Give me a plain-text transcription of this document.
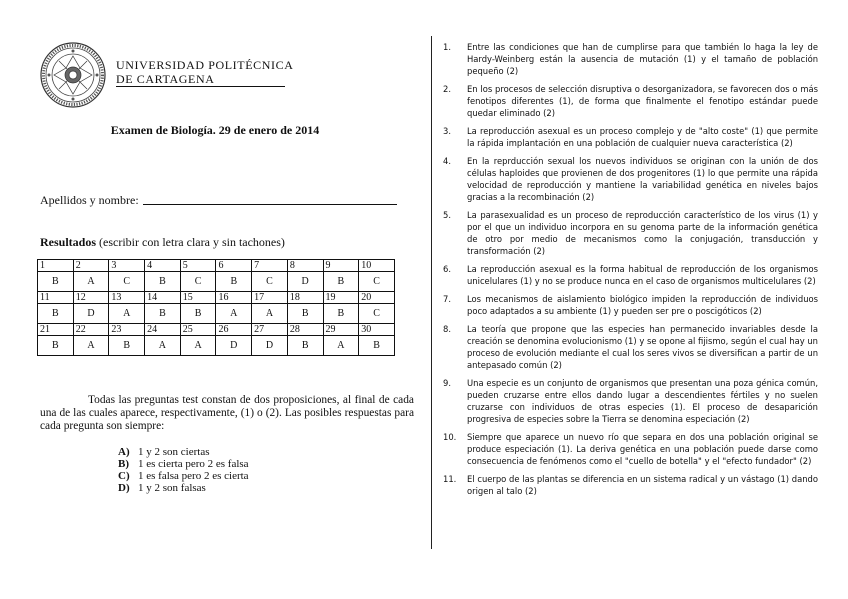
UNIVERSIDAD POLITÉCNICA
DE CARTAGENA
Examen de Biología. 29 de enero de 2014
Apellidos y nombre:
Resultados (escribir con letra clara y sin tachones)
1	2	3	4	5	6	7	8	9	10
B	A	C	B	C	B	C	D	B	C
11	12	13	14	15	16	17	18	19	20
B	D	A	B	B	A	A	B	B	C
21	22	23	24	25	26	27	28	29	30
B	A	B	A	A	D	D	B	A	B
Todas las preguntas test constan de dos proposiciones, al final de cada una de las cuales aparece, respectivamente, (1) o (2). Las posibles respuestas para cada pregunta son siempre:
A) 1 y 2 son ciertas
B) 1 es cierta pero 2 es falsa
C) 1 es falsa pero 2 es cierta
D) 1 y 2 son falsas
1. Entre las condiciones que han de cumplirse para que también lo haga la ley de Hardy-Weinberg están la ausencia de mutación (1) y el tamaño de población pequeño (2)
2. En los procesos de selección disruptiva o desorganizadora, se favorecen dos o más fenotipos diferentes (1), de forma que finalmente el fenotipo estándar puede quedar eliminado (2)
3. La reproducción asexual es un proceso complejo y de "alto coste" (1) que permite la rápida implantación en una población de cualquier nueva característica (2)
4. En la reprducción sexual los nuevos individuos se originan con la unión de dos células haploides que provienen de dos progenitores (1) lo que permite una rápida velocidad de reproducción y mantiene la variabilidad genética en niveles bajos gracias a la recombinación (2)
5. La parasexualidad es un proceso de reproducción característico de los virus (1) y por el que un individuo incorpora en su genoma parte de la información genética de otro por medio de mecanismos como la conjugación, transducción y transformación (2)
6. La reproducción asexual es la forma habitual de reproducción de los organismos unicelulares (1) y no se produce nunca en el caso de organismos multicelulares (2)
7. Los mecanismos de aislamiento biológico impiden la reproducción de individuos poco adaptados a su ambiente (1) y pueden ser pre o poscigóticos (2)
8. La teoría que propone que las especies han permanecido invariables desde la creación se denomina evolucionismo (1) y se opone al fijismo, según el cual hay un proceso de evolución mediante el cual los seres vivos se diversifican a partir de un antepasado común (2)
9. Una especie es un conjunto de organismos que presentan una poza génica común, pueden cruzarse entre ellos dando lugar a descendientes fértiles y no suelen cruzarse con individuos de otras especies (1). El proceso de desaparición progresiva de especies sobre la Tierra se denomina especiación (2)
10. Siempre que aparece un nuevo río que separa en dos una población original se produce especiación (1). La deriva genética en una población puede darse como consecuencia de fenómenos como el "cuello de botella" y el "efecto fundador" (2)
11. El cuerpo de las plantas se diferencia en un sistema radical y un vástago (1) dando origen al talo (2)
